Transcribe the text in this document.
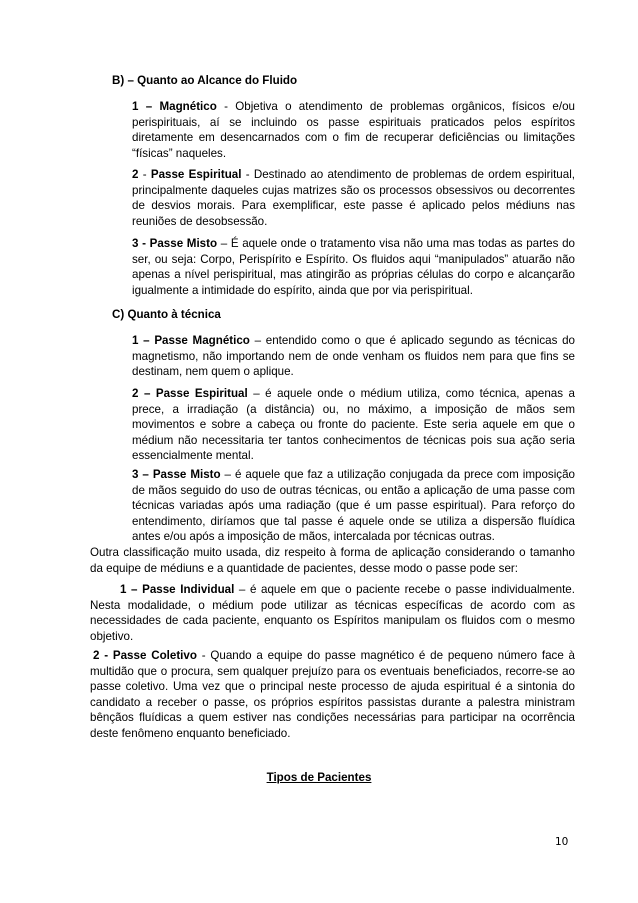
B) – Quanto ao Alcance do Fluido

1 – Magnético - Objetiva o atendimento de problemas orgânicos, físicos e/ou perispirituais, aí se incluindo os passe espirituais praticados pelos espíritos diretamente em desencarnados com o fim de recuperar deficiências ou limitações “físicas” naqueles.

2 - Passe Espiritual - Destinado ao atendimento de problemas de ordem espiritual, principalmente daqueles cujas matrizes são os processos obsessivos ou decorrentes de desvios morais. Para exemplificar, este passe é aplicado pelos médiuns nas reuniões de desobsessão.

3 - Passe Misto – É aquele onde o tratamento visa não uma mas todas as partes do ser, ou seja: Corpo, Perispírito e Espírito. Os fluidos aqui “manipulados” atuarão não apenas a nível perispiritual, mas atingirão as próprias células do corpo e alcançarão igualmente a intimidade do espírito, ainda que por via perispiritual.

C) Quanto à técnica

1 – Passe Magnético – entendido como o que é aplicado segundo as técnicas do magnetismo, não importando nem de onde venham os fluidos nem para que fins se destinam, nem quem o aplique.

2 – Passe Espiritual – é aquele onde o médium utiliza, como técnica, apenas a prece, a irradiação (a distância) ou, no máximo, a imposição de mãos sem movimentos e sobre a cabeça ou fronte do paciente. Este seria aquele em que o médium não necessitaria ter tantos conhecimentos de técnicas pois sua ação seria essencialmente mental.

3 – Passe Misto – é aquele que faz a utilização conjugada da prece com imposição de mãos seguido do uso de outras técnicas, ou então a aplicação de uma passe com técnicas variadas após uma radiação (que é um passe espiritual). Para reforço do entendimento, diríamos que tal passe é aquele onde se utiliza a dispersão fluídica antes e/ou após a imposição de mãos, intercalada por técnicas outras.

Outra classificação muito usada, diz respeito à forma de aplicação considerando o tamanho da equipe de médiuns e a quantidade de pacientes, desse modo o passe pode ser:

1 – Passe Individual – é aquele em que o paciente recebe o passe individualmente. Nesta modalidade, o médium pode utilizar as técnicas específicas de acordo com as necessidades de cada paciente, enquanto os Espíritos manipulam os fluidos com o mesmo objetivo.

2 - Passe Coletivo - Quando a equipe do passe magnético é de pequeno número face à multidão que o procura, sem qualquer prejuízo para os eventuais beneficiados, recorre-se ao passe coletivo. Uma vez que o principal neste processo de ajuda espiritual é a sintonia do candidato a receber o passe, os próprios espíritos passistas durante a palestra ministram bênçãos fluídicas a quem estiver nas condições necessárias para participar na ocorrência deste fenômeno enquanto beneficiado.

Tipos de Pacientes
10
